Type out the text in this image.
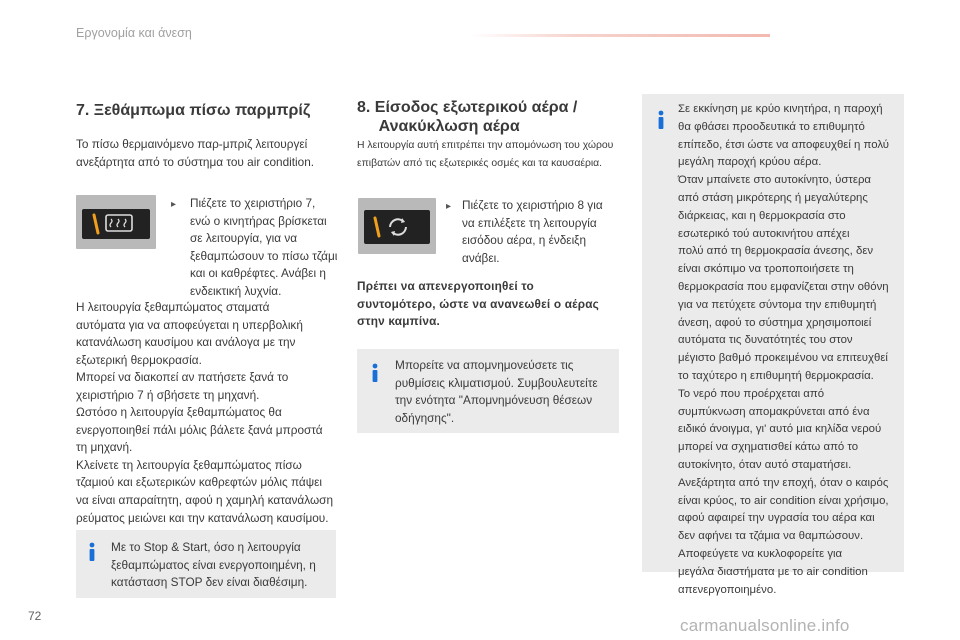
Εργονομία και άνεση
7. Ξεθάμπωμα πίσω παρμπρίζ
Το πίσω θερμαινόμενο παρ-μπριζ λειτουργεί
ανεξάρτητα από το σύστημα του air condition.
▸ Πιέζετε το χειριστήριο 7,
ενώ ο κινητήρας βρίσκεται
σε λειτουργία, για να
ξεθαμπώσουν το πίσω τζάμι
και οι καθρέφτες. Ανάβει η
ενδεικτική λυχνία.
Η λειτουργία ξεθαμπώματος σταματά
αυτόματα για να αποφεύγεται η υπερβολική
κατανάλωση καυσίμου και ανάλογα με την
εξωτερική θερμοκρασία.
Μπορεί να διακοπεί αν πατήσετε ξανά το
χειριστήριο 7 ή σβήσετε τη μηχανή.
Ωστόσο η λειτουργία ξεθαμπώματος θα
ενεργοποιηθεί πάλι μόλις βάλετε ξανά μπροστά
τη μηχανή.
Κλείνετε τη λειτουργία ξεθαμπώματος πίσω
τζαμιού και εξωτερικών καθρεφτών μόλις πάψει
να είναι απαραίτητη, αφού η χαμηλή κατανάλωση
ρεύματος μειώνει και την κατανάλωση καυσίμου.
Με το Stop & Start, όσο η λειτουργία
ξεθαμπώματος είναι ενεργοποιημένη, η
κατάσταση STOP δεν είναι διαθέσιμη.
8. Είσοδος εξωτερικού αέρα /
Ανακύκλωση αέρα
Η λειτουργία αυτή επιτρέπει την απομόνωση του χώρου
επιβατών από τις εξωτερικές οσμές και τα καυσαέρια.
▸ Πιέζετε το χειριστήριο 8 για
να επιλέξετε τη λειτουργία
εισόδου αέρα, η ένδειξη
ανάβει.
Πρέπει να απενεργοποιηθεί το
συντομότερο, ώστε να ανανεωθεί ο αέρας
στην καμπίνα.
Μπορείτε να απομνημονεύσετε τις
ρυθμίσεις κλιματισμού. Συμβουλευτείτε
την ενότητα "Απομνημόνευση θέσεων
οδήγησης".
Σε εκκίνηση με κρύο κινητήρα, η παροχή
θα φθάσει προοδευτικά το επιθυμητό
επίπεδο, έτσι ώστε να αποφευχθεί η πολύ
μεγάλη παροχή κρύου αέρα.
Όταν μπαίνετε στο αυτοκίνητο, ύστερα
από στάση μικρότερης ή μεγαλύτερης
διάρκειας, και η θερμοκρασία στο
εσωτερικό τού αυτοκινήτου απέχει
πολύ από τη θερμοκρασία άνεσης, δεν
είναι σκόπιμο να τροποποιήσετε τη
θερμοκρασία που εμφανίζεται στην οθόνη
για να πετύχετε σύντομα την επιθυμητή
άνεση, αφού το σύστημα χρησιμοποιεί
αυτόματα τις δυνατότητές του στον
μέγιστο βαθμό προκειμένου να επιτευχθεί
το ταχύτερο η επιθυμητή θερμοκρασία.
Το νερό που προέρχεται από
συμπύκνωση απομακρύνεται από ένα
ειδικό άνοιγμα, γι' αυτό μια κηλίδα νερού
μπορεί να σχηματισθεί κάτω από το
αυτοκίνητο, όταν αυτό σταματήσει.
Ανεξάρτητα από την εποχή, όταν ο καιρός
είναι κρύος, το air condition είναι χρήσιμο,
αφού αφαιρεί την υγρασία του αέρα και
δεν αφήνει τα τζάμια να θαμπώσουν.
Αποφεύγετε να κυκλοφορείτε για
μεγάλα διαστήματα με το air condition
απενεργοποιημένο.
72	carmanualsonline.info
